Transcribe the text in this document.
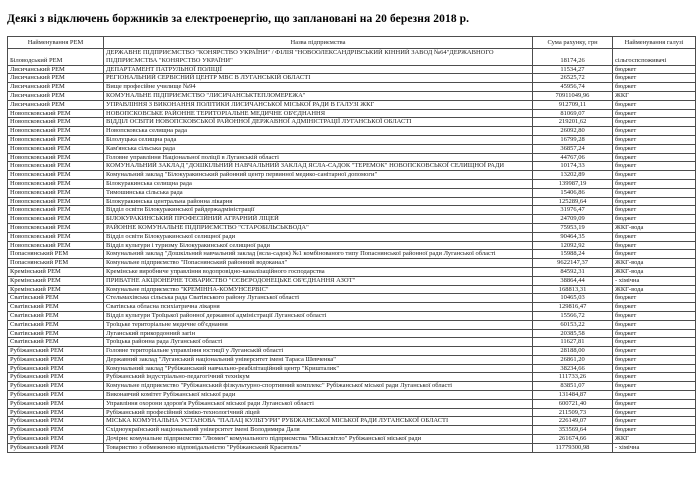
Деякі з відключень боржників за електроенергію, що заплановані на 20 березня 2018 р.
Найменування РЕМ	Назва підприємства	Сума рахунку, грн	Найменування галузі
Біловодський РЕМ	ДЕРЖАВНЕ ПІДПРИЄМСТВО "КОНЯРСТВО УКРАЇНИ" / ФІЛІЯ "НОВООЛЕКСАНДРІВСЬКИЙ КІННИЙ ЗАВОД №64"ДЕРЖАВНОГО ПІДПРИЄМСТВА "КОНЯРСТВО УКРАЇНИ"	18174,26	сільгоспспоживачі
Лисичанський РЕМ	ДЕПАРТАМЕНТ ПАТРУЛЬНОЇ ПОЛІЦІЇ	11534,27	бюджет
Лисичанський РЕМ	РЕГІОНАЛЬНИЙ СЕРВІСНИЙ ЦЕНТР МВС В ЛУГАНСЬКІЙ ОБЛАСТІ	26525,72	бюджет
Лисичанський РЕМ	Вище професійне училище №94	45956,74	бюджет
Лисичанський РЕМ	КОМУНАЛЬНЕ ПІДПРИЄМСТВО "ЛИСИЧАНСЬКТЕПЛОМЕРЕЖА"	70911049,96	ЖКГ
Лисичанський РЕМ	УПРАВЛІННЯ З ВИКОНАННЯ ПОЛІТИКИ ЛИСИЧАНСЬКОЇ МІСЬКОЇ РАДИ В ГАЛУЗІ ЖКГ	912709,11	бюджет
Новопсковський РЕМ	НОВОПСКОВСЬКЕ РАЙОННЕ ТЕРИТОРІАЛЬНЕ МЕДИЧНЕ ОБ'ЄДНАННЯ	81069,07	бюджет
Новопсковський РЕМ	ВІДДІЛ ОСВІТИ НОВОПСКОВСЬКОЇ РАЙОННОЇ ДЕРЖАВНОЇ АДМІНІСТРАЦІЇ ЛУГАНСЬКОЇ ОБЛАСТІ	219201,62	бюджет
Новопсковський РЕМ	Новопсковська селищна рада	26092,80	бюджет
Новопсковський РЕМ	Білолуцька селищна рада	16799,28	бюджет
Новопсковський РЕМ	Кам'янська сільська рада	36857,24	бюджет
Новопсковський РЕМ	Головне управління Національної поліції в Луганській області	44767,06	бюджет
Новопсковський РЕМ	КОМУНАЛЬНИЙ ЗАКЛАД "ДОШКІЛЬНИЙ НАВЧАЛЬНИЙ ЗАКЛАД ЯСЛА-САДОК "ТЕРЕМОК" НОВОПСКОВСЬКОЇ СЕЛИЩНОЇ РАДИ	10174,33	бюджет
Новопсковський РЕМ	Комунальний заклад "Білокуракинський районний центр первинної медико-санітарної допомоги"	13202,89	бюджет
Новопсковський РЕМ	Білокуракинська селищна рада	139987,19	бюджет
Новопсковський РЕМ	Тимошинська сільська рада	15406,86	бюджет
Новопсковський РЕМ	Білокуракинська центральна районна лікарня	125289,64	бюджет
Новопсковський РЕМ	Відділ освіти Білокуракинської райдержадміністрації	31976,47	бюджет
Новопсковський РЕМ	БІЛОКУРАКИНСЬКИЙ ПРОФЕСІЙНИЙ АГРАРНИЙ ЛІЦЕЙ	24709,09	бюджет
Новопсковський РЕМ	РАЙОННЕ КОМУНАЛЬНЕ ПІДПРИЄМСТВО "СТАРОБІЛЬСЬКВОДА"	75953,19	ЖКГ-вода
Новопсковський РЕМ	Відділ освіти Білокуракинської селищної ради	90464,35	бюджет
Новопсковський РЕМ	Відділ культури і туризму Білокуракинської селищної ради	12092,92	бюджет
Попаснянський РЕМ	Комунальний заклад "Дошкільний навчальний заклад (ясла-садок) №1 комбінованого типу Попаснянської районної ради Луганської області	15988,24	бюджет
Попаснянський РЕМ	Комунальне підприємство "Попаснянський районний водоканал"	9622147,37	ЖКГ-вода
Кремінський РЕМ	Кремінське виробниче управління водопровідно-каналізаційного господарства	84592,31	ЖКГ-вода
Кремінський РЕМ	ПРИВАТНЕ АКЦІОНЕРНЕ ТОВАРИСТВО "СЄВЄРОДОНЕЦЬКЕ ОБ'ЄДНАННЯ АЗОТ"	38864,44	- хімічна
Кремінський РЕМ	Комунальне підприємство "КРЕМІННА-КОМУНСЕРВІС"	168813,31	ЖКГ-вода
Сватівський РЕМ	Стельмахівська сільська рада Сватівського району Луганської області	10465,03	бюджет
Сватівський РЕМ	Сватівська обласна психіатрична лікарня	129816,47	бюджет
Сватівський РЕМ	Відділ культури Троїцької районної державної адміністрації Луганської області	15566,72	бюджет
Сватівський РЕМ	Троїцьке територіальне медичне об'єднання	60153,22	бюджет
Сватівський РЕМ	Луганський прикордонний загін	20385,58	бюджет
Сватівський РЕМ	Троїцька районна рада Луганської області	11627,81	бюджет
Рубіжанський РЕМ	Головне територіальне управління юстиції у Луганській області	28188,00	бюджет
Рубіжанський РЕМ	Державний заклад "Луганський національний університет імені Тараса Шевченка"	26861,20	бюджет
Рубіжанський РЕМ	Комунальний заклад "Рубіжанський навчально-реабілітаційний центр "Кришталик"	38234,66	бюджет
Рубіжанський РЕМ	Рубіжанський індустріально-педагогічний технікум	111733,26	бюджет
Рубіжанський РЕМ	Комунальне підприємство "Рубіжанський фізкультурно-спортивний комплекс" Рубіжанської міської ради Луганської області	83851,07	бюджет
Рубіжанський РЕМ	Виконавчий комітет Рубіжанської міської ради	131484,87	бюджет
Рубіжанський РЕМ	Управління охорони здоров'я Рубіжанської міської ради Луганської області	600721,40	бюджет
Рубіжанський РЕМ	Рубіжанський професійний хіміко-технологічний ліцей	211509,73	бюджет
Рубіжанський РЕМ	МІСЬКА КОМУНАЛЬНА УСТАНОВА "ПАЛАЦ КУЛЬТУРИ" РУБІЖАНСЬКОЇ МІСЬКОЇ РАДИ ЛУГАНСЬКОЇ ОБЛАСТІ	226149,07	бюджет
Рубіжанський РЕМ	Східноукраїнський національний університет імені Володимира Даля	353569,64	бюджет
Рубіжанський РЕМ	Дочірнє комунальне підприємство "Люмен" комунального підприємства "Міськсвітло" Рубіжанської міської ради	261674,66	ЖКГ
Рубіжанський РЕМ	Товариство з обмеженою відповідальністю "Рубіжанський Краситель"	11779300,98	- хімічна
